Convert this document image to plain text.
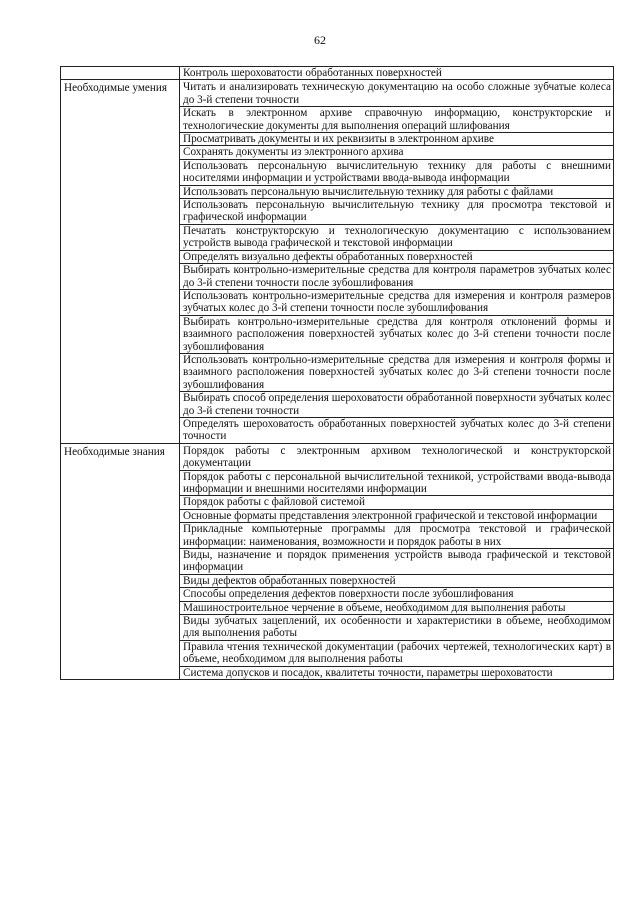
62

	Контроль шероховатости обработанных поверхностей

Необходимые умения	Читать и анализировать техническую документацию на особо сложные зубчатые колеса до 3-й степени точности

	Искать в электронном архиве справочную информацию, конструкторские и технологические документы для выполнения операций шлифования

	Просматривать документы и их реквизиты в электронном архиве

	Сохранять документы из электронного архива

	Использовать персональную вычислительную технику для работы с внешними носителями информации и устройствами ввода-вывода информации

	Использовать персональную вычислительную технику для работы с файлами

	Использовать персональную вычислительную технику для просмотра текстовой и графической информации

	Печатать конструкторскую и технологическую документацию с использованием устройств вывода графической и текстовой информации

	Определять визуально дефекты обработанных поверхностей

	Выбирать контрольно-измерительные средства для контроля параметров зубчатых колес до 3-й степени точности после зубошлифования

	Использовать контрольно-измерительные средства для измерения и контроля размеров зубчатых колес до 3-й степени точности после зубошлифования

	Выбирать контрольно-измерительные средства для контроля отклонений формы и взаимного расположения поверхностей зубчатых колес до 3-й степени точности после зубошлифования

	Использовать контрольно-измерительные средства для измерения и контроля формы и взаимного расположения поверхностей зубчатых колес до 3-й степени точности после зубошлифования

	Выбирать способ определения шероховатости обработанной поверхности зубчатых колес до 3-й степени точности

	Определять шероховатость обработанных поверхностей зубчатых колес до 3-й степени точности

Необходимые знания	Порядок работы с электронным архивом технологической и конструкторской документации

	Порядок работы с персональной вычислительной техникой, устройствами ввода-вывода информации и внешними носителями информации

	Порядок работы с файловой системой

	Основные форматы представления электронной графической и текстовой информации

	Прикладные компьютерные программы для просмотра текстовой и графической информации: наименования, возможности и порядок работы в них

	Виды, назначение и порядок применения устройств вывода графической и текстовой информации

	Виды дефектов обработанных поверхностей

	Способы определения дефектов поверхности после зубошлифования

	Машиностроительное черчение в объеме, необходимом для выполнения работы

	Виды зубчатых зацеплений, их особенности и характеристики в объеме, необходимом для выполнения работы

	Правила чтения технической документации (рабочих чертежей, технологических карт) в объеме, необходимом для выполнения работы

	Система допусков и посадок, квалитеты точности, параметры шероховатости
